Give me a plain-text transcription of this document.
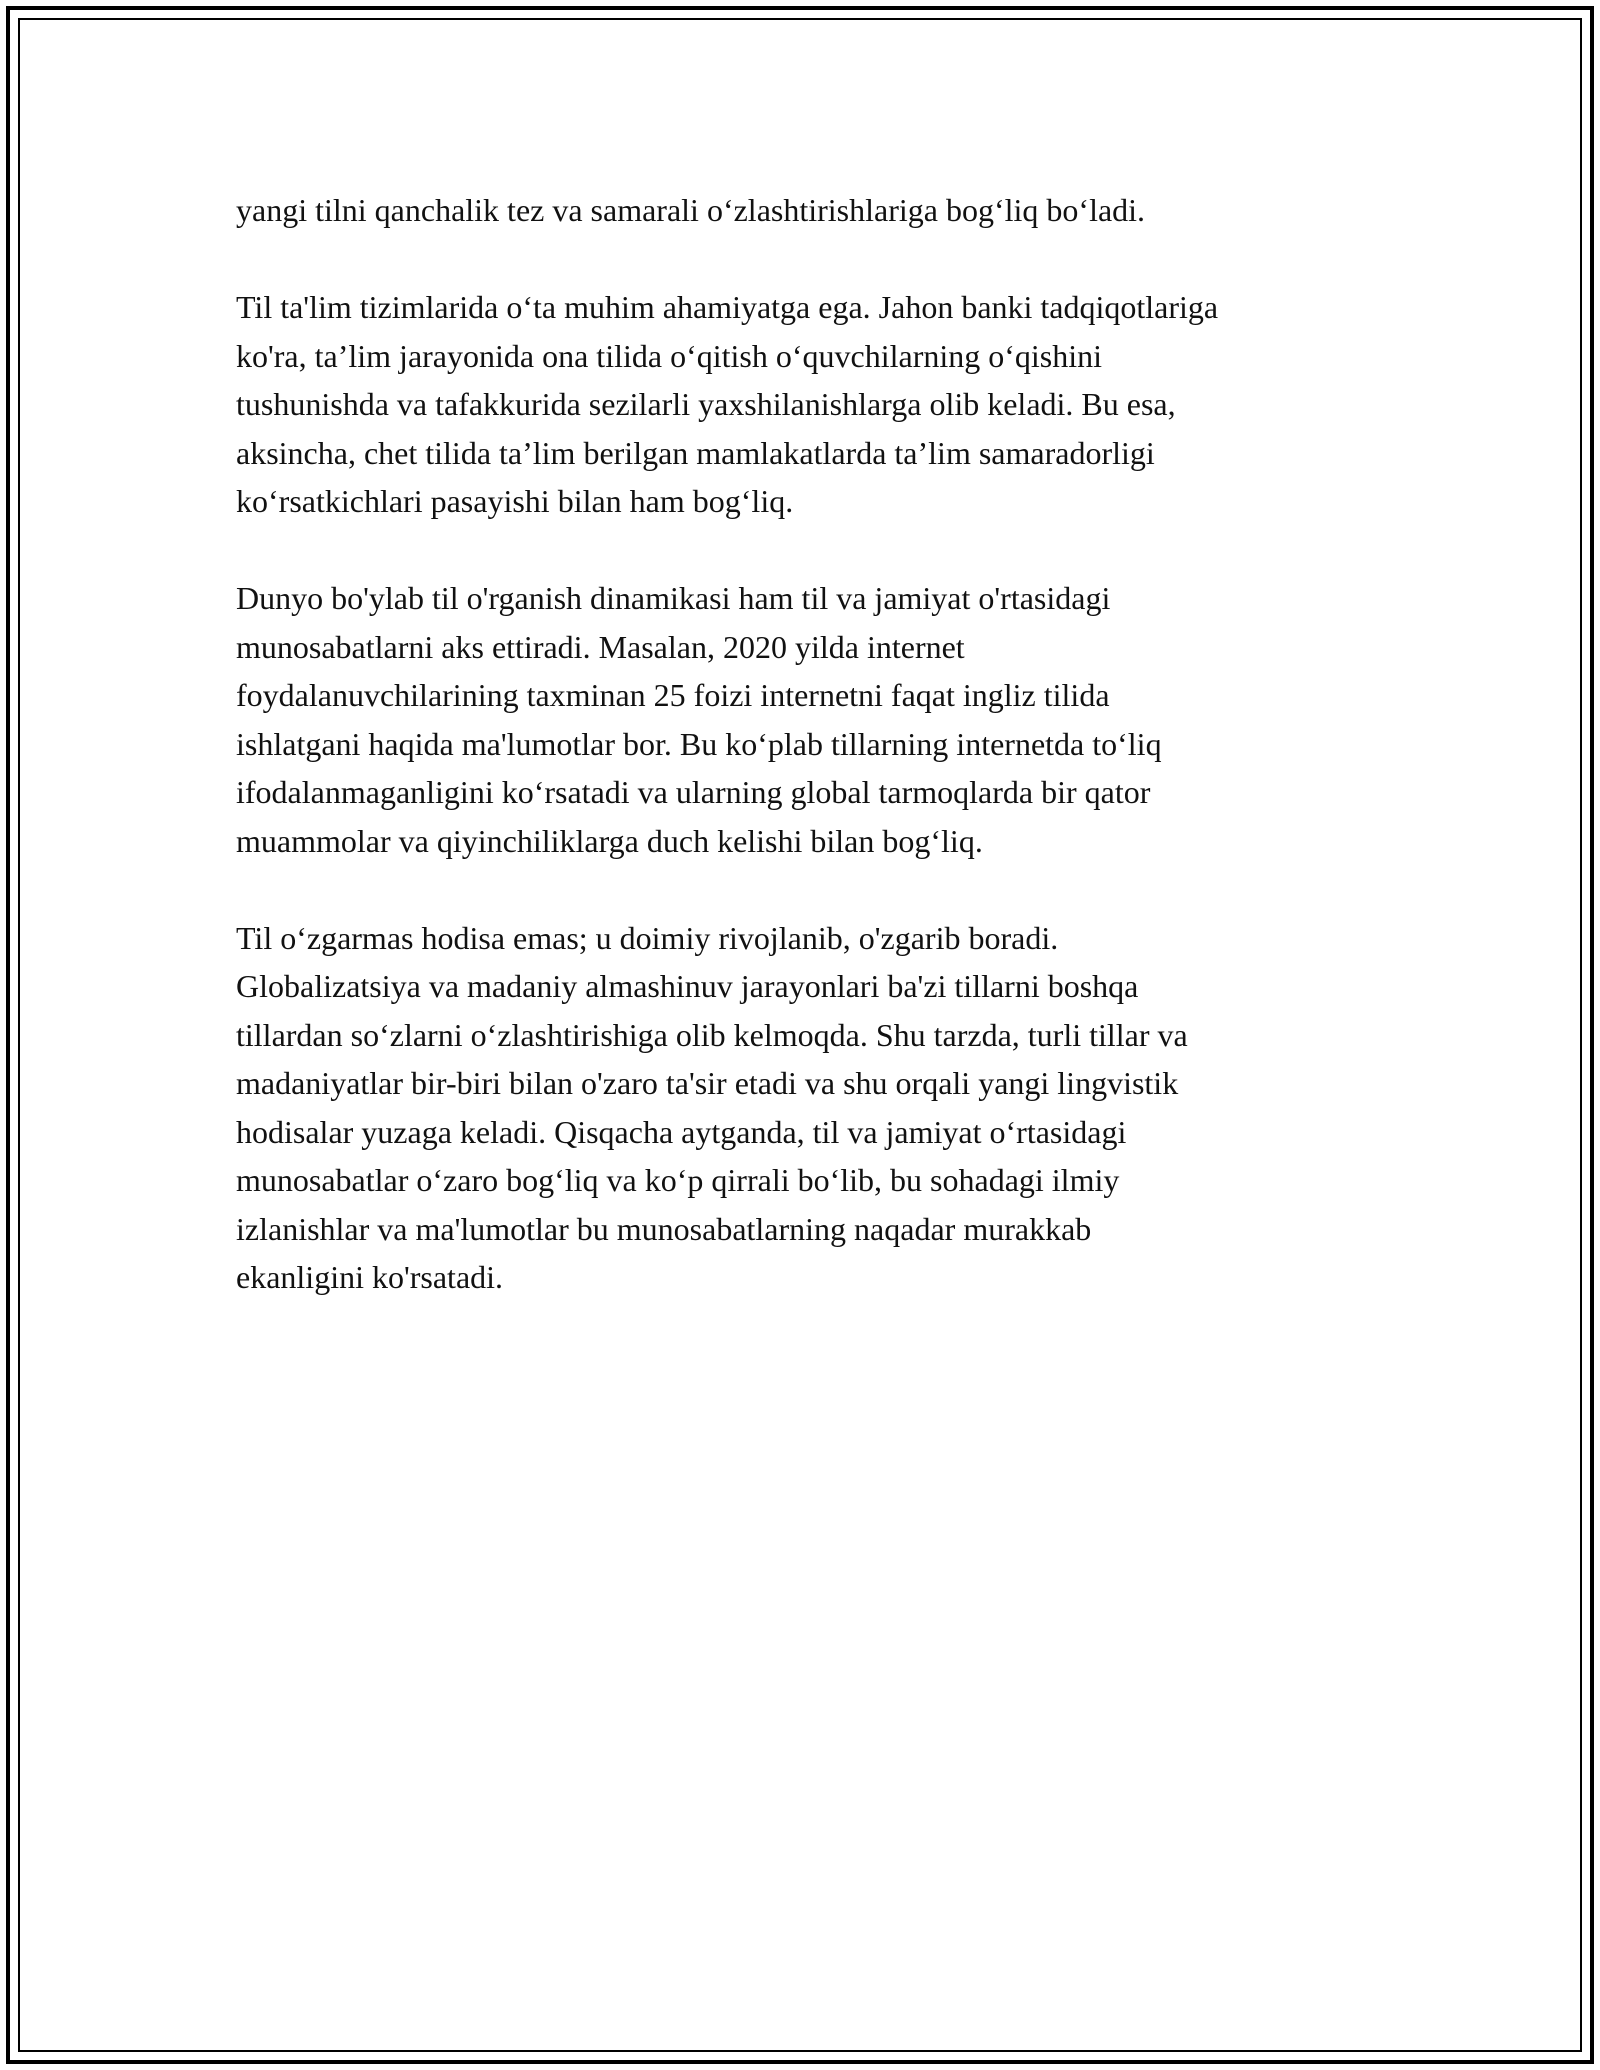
yangi tilni qanchalik tez va samarali o‘zlashtirishlariga bog‘liq bo‘ladi.

Til ta'lim tizimlarida o‘ta muhim ahamiyatga ega. Jahon banki tadqiqotlariga
ko'ra, ta’lim jarayonida ona tilida o‘qitish o‘quvchilarning o‘qishini
tushunishda va tafakkurida sezilarli yaxshilanishlarga olib keladi. Bu esa,
aksincha, chet tilida ta’lim berilgan mamlakatlarda ta’lim samaradorligi
ko‘rsatkichlari pasayishi bilan ham bog‘liq.

Dunyo bo'ylab til o'rganish dinamikasi ham til va jamiyat o'rtasidagi
munosabatlarni aks ettiradi. Masalan, 2020 yilda internet
foydalanuvchilarining taxminan 25 foizi internetni faqat ingliz tilida
ishlatgani haqida ma'lumotlar bor. Bu ko‘plab tillarning internetda to‘liq
ifodalanmaganligini ko‘rsatadi va ularning global tarmoqlarda bir qator
muammolar va qiyinchiliklarga duch kelishi bilan bog‘liq.

Til o‘zgarmas hodisa emas; u doimiy rivojlanib, o'zgarib boradi.
Globalizatsiya va madaniy almashinuv jarayonlari ba'zi tillarni boshqa
tillardan so‘zlarni o‘zlashtirishiga olib kelmoqda. Shu tarzda, turli tillar va
madaniyatlar bir-biri bilan o'zaro ta'sir etadi va shu orqali yangi lingvistik
hodisalar yuzaga keladi. Qisqacha aytganda, til va jamiyat o‘rtasidagi
munosabatlar o‘zaro bog‘liq va ko‘p qirrali bo‘lib, bu sohadagi ilmiy
izlanishlar va ma'lumotlar bu munosabatlarning naqadar murakkab
ekanligini ko'rsatadi.
